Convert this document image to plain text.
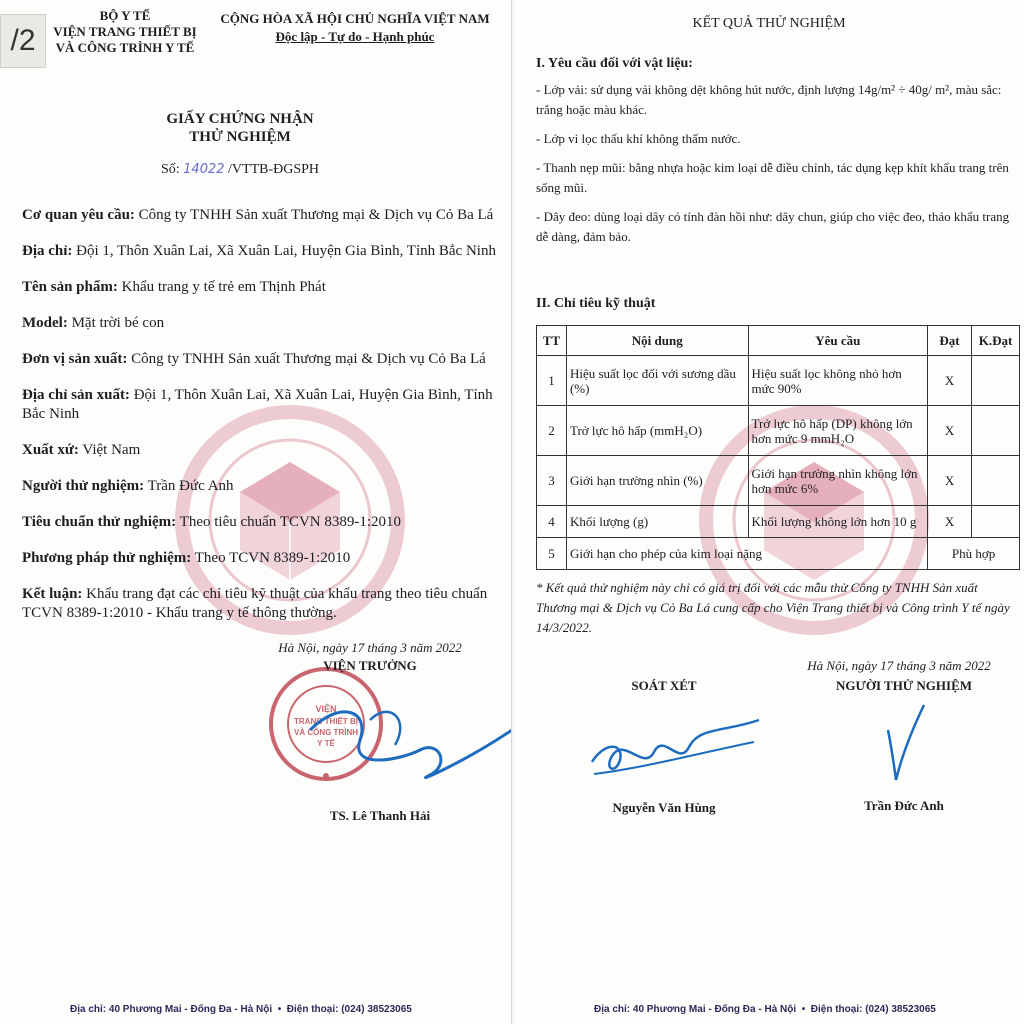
/2
BỘ Y TẾ
VIỆN TRANG THIẾT BỊ
VÀ CÔNG TRÌNH Y TẾ
CỘNG HÒA XÃ HỘI CHỦ NGHĨA VIỆT NAM
Độc lập - Tự do - Hạnh phúc
GIẤY CHỨNG NHẬN
THỬ NGHIỆM
Số: 14022 /VTTB-ĐGSPH
Cơ quan yêu cầu: Công ty TNHH Sản xuất Thương mại & Dịch vụ Cỏ Ba Lá
Địa chỉ: Đội 1, Thôn Xuân Lai, Xã Xuân Lai, Huyện Gia Bình, Tỉnh Bắc Ninh
Tên sản phẩm: Khẩu trang y tế trẻ em Thịnh Phát
Model: Mặt trời bé con
Đơn vị sản xuất: Công ty TNHH Sản xuất Thương mại & Dịch vụ Cỏ Ba Lá
Địa chỉ sản xuất: Đội 1, Thôn Xuân Lai, Xã Xuân Lai, Huyện Gia Bình, Tỉnh Bắc Ninh
Xuất xứ: Việt Nam
Người thử nghiệm: Trần Đức Anh
Tiêu chuẩn thử nghiệm: Theo tiêu chuẩn TCVN 8389-1:2010
Phương pháp thử nghiệm: Theo TCVN 8389-1:2010
Kết luận: Khẩu trang đạt các chỉ tiêu kỹ thuật của khẩu trang theo tiêu chuẩn TCVN 8389-1:2010 - Khẩu trang y tế thông thường.
VIỆN
TRANG THIẾT BỊ
VÀ CÔNG TRÌNH
Y TẾ
Hà Nội, ngày 17 tháng 3 năm 2022
VIỆN TRƯỞNG
TS. Lê Thanh Hải
Địa chỉ: 40 Phương Mai - Đống Đa - Hà Nội  •  Điện thoại: (024) 38523065
KẾT QUẢ THỬ NGHIỆM
I. Yêu cầu đối với vật liệu:

- Lớp vải: sử dụng vải không dệt không hút nước, định lượng 14g/m² ÷ 40g/ m², màu sắc: trắng hoặc màu khác.

- Lớp vi lọc thấu khí không thấm nước.

- Thanh nẹp mũi: bằng nhựa hoặc kim loại dễ điều chỉnh, tác dụng kẹp khít khẩu trang trên sống mũi.

- Dây đeo: dùng loại dây có tính đàn hồi như: dây chun, giúp cho việc đeo, tháo khẩu trang dễ dàng, đảm bảo.

II. Chỉ tiêu kỹ thuật
TT	Nội dung	Yêu cầu	Đạt	K.Đạt
1	Hiệu suất lọc đối với sương dầu (%)	Hiệu suất lọc không nhỏ hơn mức 90%	X	
2	Trở lực hô hấp (mmH₂O)	Trở lực hô hấp (DP) không lớn hơn mức 9 mmH₂O	X	
3	Giới hạn trường nhìn (%)	Giới hạn trường nhìn không lớn hơn mức 6%	X	
4	Khối lượng (g)	Khối lượng không lớn hơn 10 g	X	
5	Giới hạn cho phép của kim loại nặng		Phù hợp	
* Kết quả thử nghiệm này chỉ có giá trị đối với các mẫu thử Công ty TNHH Sản xuất Thương mại & Dịch vụ Cỏ Ba Lá cung cấp cho Viện Trang thiết bị và Công trình Y tế ngày 14/3/2022.
Hà Nội, ngày 17 tháng 3 năm 2022
SOÁT XÉT	NGƯỜI THỬ NGHIỆM
Nguyễn Văn Hùng	Trần Đức Anh
Địa chỉ: 40 Phương Mai - Đống Đa - Hà Nội  •  Điện thoại: (024) 38523065
